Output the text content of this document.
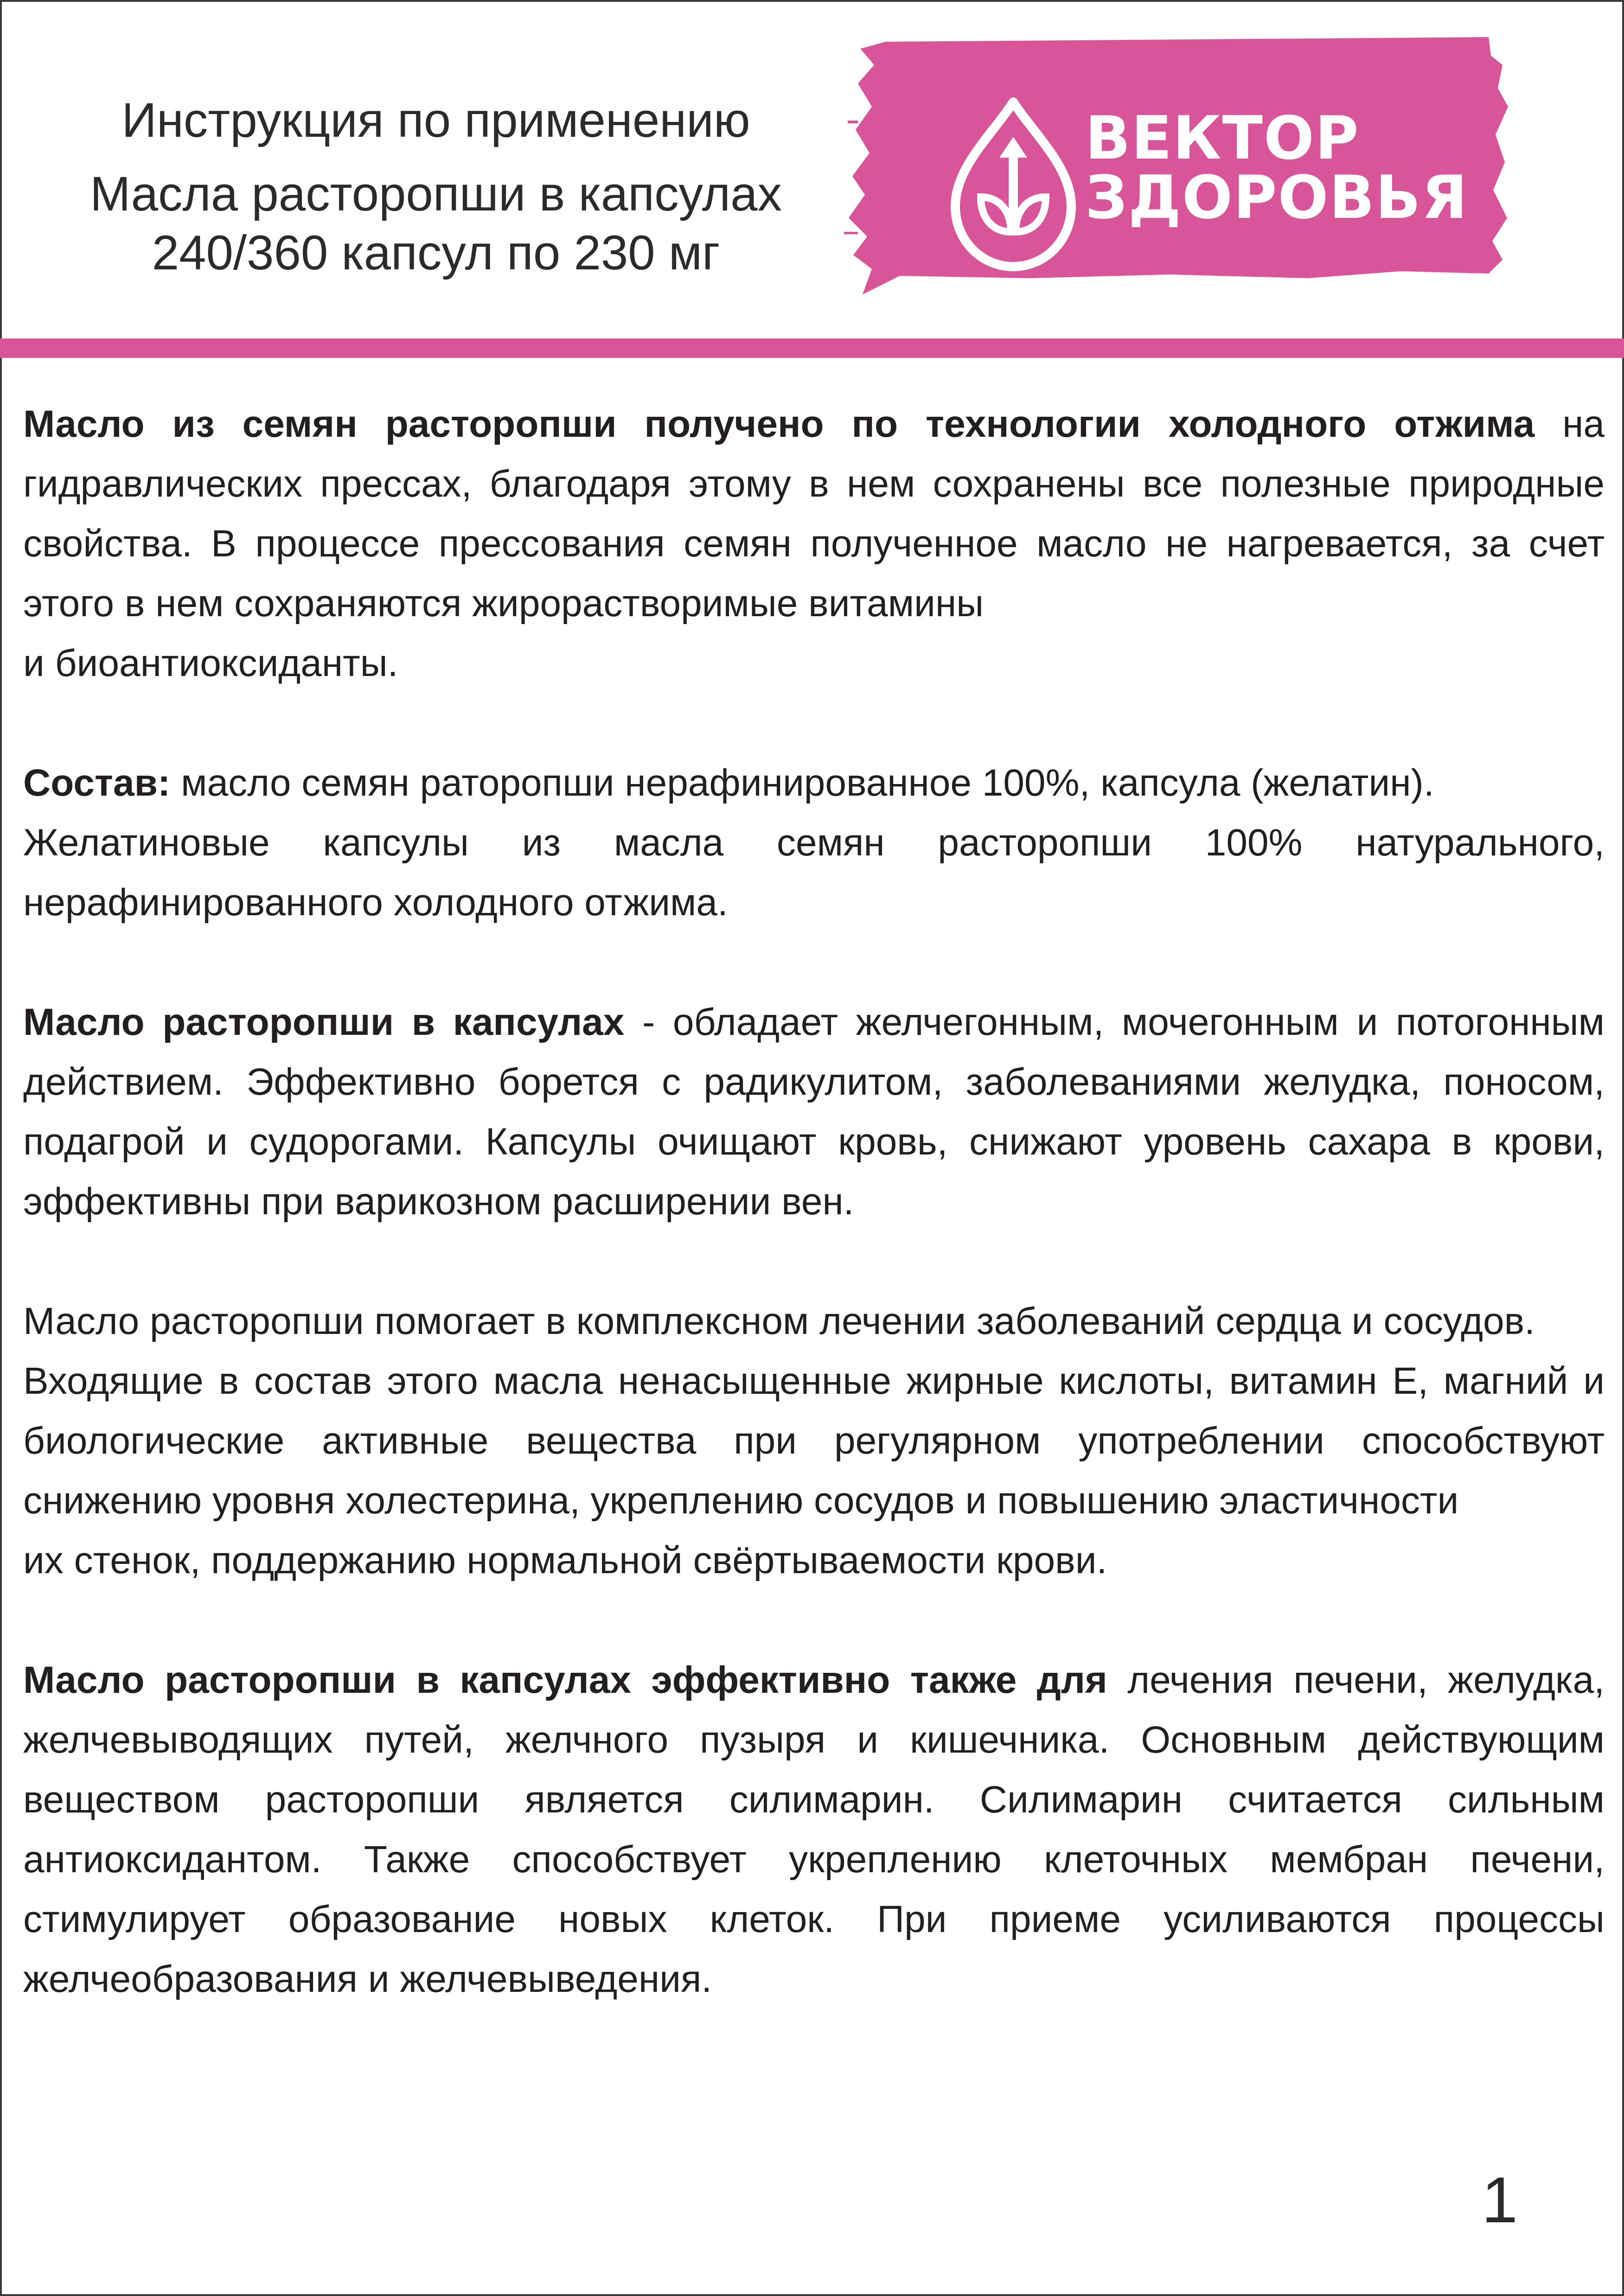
Инструкция по применению
Масла расторопши в капсулах
240/360 капсул по 230 мг
ВЕКТОР
ЗДОРОВЬЯ

Масло из семян расторопши получено по технологии холодного отжима на гидравлических прессах, благодаря этому в нем сохранены все полезные природные свойства. В процессе прессования семян полученное масло не нагревается, за счет этого в нем сохраняются жирорастворимые витамины

и биоантиоксиданты.

Состав: масло семян раторопши нерафинированное 100%, капсула (желатин).

Желатиновые капсулы из масла семян расторопши 100% натурального, нерафинированного холодного отжима.

Масло расторопши в капсулах - обладает желчегонным, мочегонным и потогонным действием. Эффективно борется с радикулитом, заболеваниями желудка, поносом, подагрой и судорогами. Капсулы очищают кровь, снижают уровень сахара в крови, эффективны при варикозном расширении вен.

Масло расторопши помогает в комплексном лечении заболеваний сердца и сосудов.

Входящие в состав этого масла ненасыщенные жирные кислоты, витамин Е, магний и биологические активные вещества при регулярном употреблении способствуют снижению уровня холестерина, укреплению сосудов и повышению эластичности

их стенок, поддержанию нормальной свёртываемости крови.

Масло расторопши в капсулах эффективно также для лечения печени, желудка, желчевыводящих путей, желчного пузыря и кишечника. Основным действующим веществом расторопши является силимарин. Силимарин считается сильным антиоксидантом. Также способствует укреплению клеточных мембран печени, стимулирует образование новых клеток. При приеме усиливаются процессы желчеобразования и желчевыведения.

1
